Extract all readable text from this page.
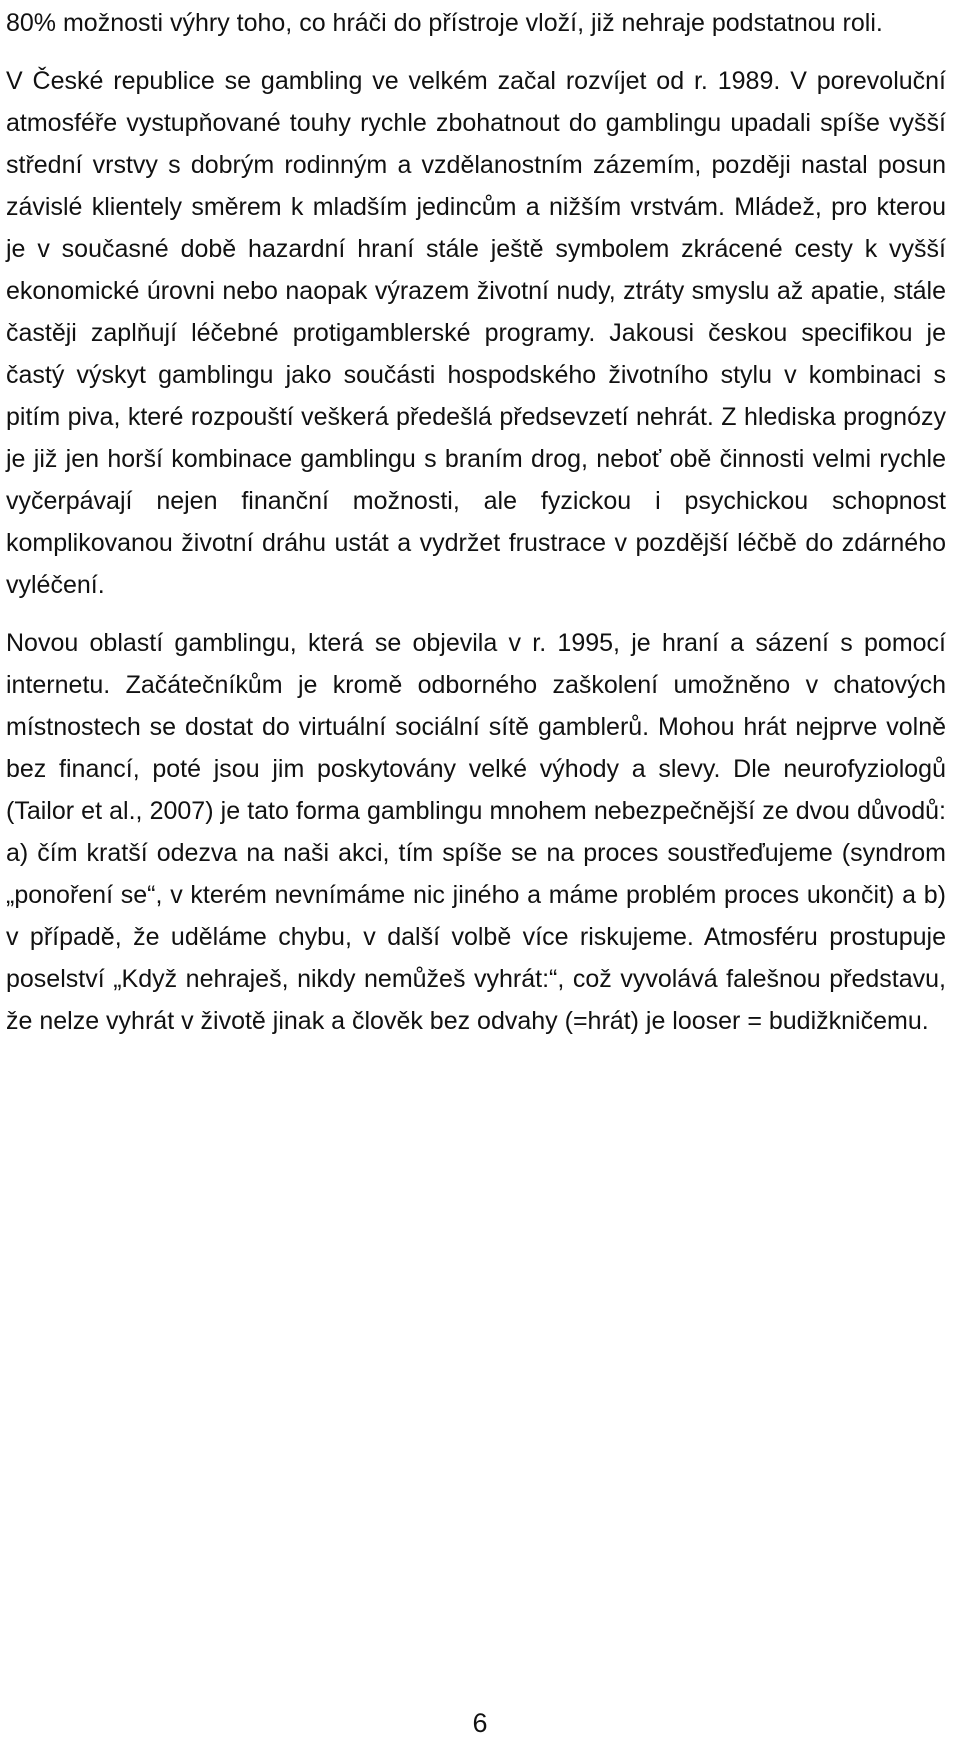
80% možnosti výhry toho, co hráči do přístroje vloží, již nehraje podstatnou roli.

V České republice se gambling ve velkém začal rozvíjet od r. 1989. V porevoluční atmosféře vystupňované touhy rychle zbohatnout do gamblingu upadali spíše vyšší střední vrstvy s dobrým rodinným a vzdělanostním zázemím, později nastal posun závislé klientely směrem k mladším jedincům a nižším vrstvám. Mládež, pro kterou je v současné době hazardní hraní stále ještě symbolem zkrácené cesty k vyšší ekonomické úrovni nebo naopak výrazem životní nudy, ztráty smyslu až apatie, stále častěji zaplňují léčebné protigamblerské programy. Jakousi českou specifikou je častý výskyt gamblingu jako součásti hospodského životního stylu v kombinaci s pitím piva, které rozpouští veškerá předešlá předsevzetí nehrát. Z hlediska prognózy je již jen horší kombinace gamblingu s braním drog, neboť obě činnosti velmi rychle vyčerpávají nejen finanční možnosti, ale fyzickou i psychickou schopnost komplikovanou životní dráhu ustát a vydržet frustrace v pozdější léčbě do zdárného vyléčení.

Novou oblastí gamblingu, která se objevila v r. 1995, je hraní a sázení s pomocí internetu. Začátečníkům je kromě odborného zaškolení umožněno v chatových místnostech se dostat do virtuální sociální sítě gamblerů. Mohou hrát nejprve volně bez financí, poté jsou jim poskytovány velké výhody a slevy. Dle neurofyziologů (Tailor et al., 2007) je tato forma gamblingu mnohem nebezpečnější ze dvou důvodů: a) čím kratší odezva na naši akci, tím spíše se na proces soustřeďujeme (syndrom „ponoření se“, v kterém nevnímáme nic jiného a máme problém proces ukončit) a b) v případě, že uděláme chybu, v další volbě více riskujeme. Atmosféru prostupuje poselství „Když nehraješ, nikdy nemůžeš vyhrát:“, což vyvolává falešnou představu, že nelze vyhrát v životě jinak a člověk bez odvahy (=hrát) je looser = budižkničemu.

6
